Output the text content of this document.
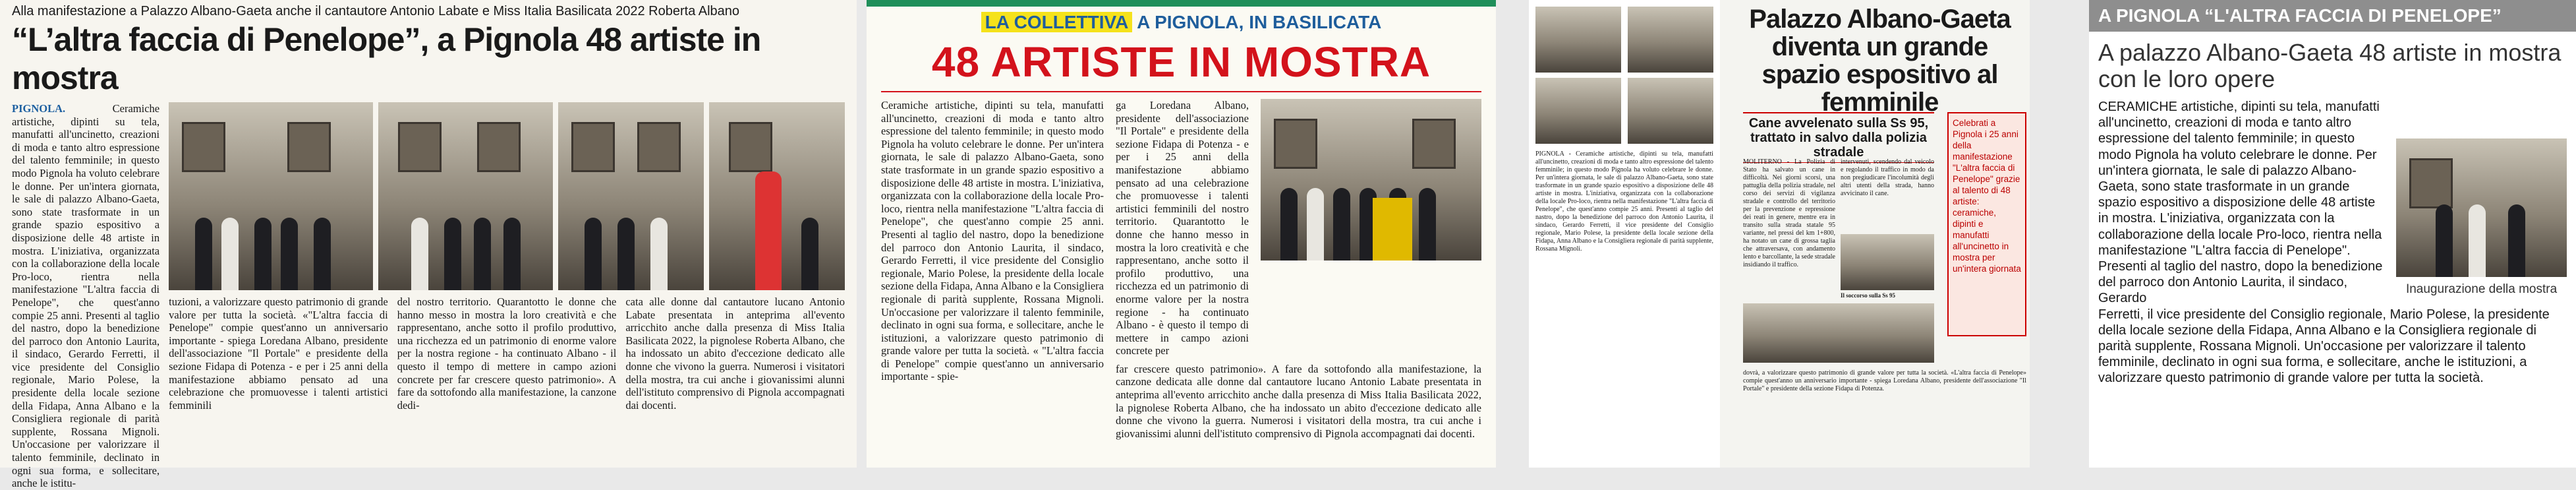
Alla manifestazione a Palazzo Albano-Gaeta anche il cantautore Antonio Labate e Miss Italia Basilicata 2022 Roberta Albano
“L’altra faccia di Penelope”, a Pignola 48 artiste in mostra
PIGNOLA.	Ceramiche artistiche, dipinti su tela, manufatti all'uncinetto, creazioni di moda e tanto altro espressione del talento femminile; in questo modo Pignola ha voluto celebrare le donne. Per un'intera giornata, le sale di palazzo Albano-Gaeta, sono state trasformate in un grande spazio espositivo a disposizione delle 48 artiste in mostra. L'iniziativa, organizzata con la collaborazione della locale Pro-loco, rientra nella manifestazione "L'altra faccia di Penelope", che quest'anno compie 25 anni. Presenti al taglio del nastro, dopo la benedizione del parroco don Antonio Laurita, il sindaco, Gerardo Ferretti, il vice presidente del Consiglio regionale, Mario Polese, la presidente della locale sezione della Fidapa, Anna Albano e la Consigliera regionale di parità supplente, Rossana Mignoli. Un'occasione per valorizzare il talento femminile, declinato in ogni sua forma, e sollecitare, anche le istitu-

tuzioni, a valorizzare questo patrimonio di grande valore per tutta la società. «"L'altra faccia di Penelope" compie quest'anno un anniversario importante - spiega Loredana Albano, presidente dell'associazione "Il Portale" e presidente della sezione Fidapa di Potenza - e per i 25 anni della manifestazione abbiamo pensato ad una celebrazione che promuovesse i talenti artistici femminili

del nostro territorio. Quarantotto le donne che hanno messo in mostra la loro creatività e che rappresentano, anche sotto il profilo produttivo, una ricchezza ed un patrimonio di enorme valore per la nostra regione - ha continuato Albano - il questo il tempo di mettere in campo azioni concrete per far crescere questo patrimonio». A fare da sottofondo alla manifestazione, la canzone dedi-

cata alle donne dal cantautore lucano Antonio Labate presentata in anteprima all'evento arricchito anche dalla presenza di Miss Italia Basilicata 2022, la pignolese Roberta Albano, che ha indossato un abito d'eccezione dedicato alle donne che vivono la guerra. Numerosi i visitatori della mostra, tra cui anche i giovanissimi alunni dell'istituto comprensivo di Pignola accompagnati dai docenti.

LA COLLETTIVA A PIGNOLA, IN BASILICATA
48 ARTISTE IN MOSTRA

Ceramiche artistiche, dipinti su tela, manufatti all'uncinetto, creazioni di moda e tanto altro espressione del talento femminile; in questo modo Pignola ha voluto celebrare le donne. Per un'intera giornata, le sale di palazzo Albano-Gaeta, sono state trasformate in un grande spazio espositivo a disposizione delle 48 artiste in mostra. L'iniziativa, organizzata con la collaborazione della locale Pro-loco, rientra nella manifestazione "L'altra faccia di Penelope", che quest'anno compie 25 anni. Presenti al taglio del nastro, dopo la benedizione del parroco don Antonio Laurita, il sindaco, Gerardo Ferretti, il vice presidente del Consiglio regionale, Mario Polese, la presidente della locale sezione della Fidapa, Anna Albano e la Consigliera regionale di parità supplente, Rossana Mignoli. Un'occasione per valorizzare il talento femminile, declinato in ogni sua forma, e sollecitare, anche le istituzioni, a valorizzare questo patrimonio di grande valore per tutta la società. « "L'altra faccia di Penelope" compie quest'anno un anniversario importante - spie-

ga Loredana Albano, presidente dell'associazione "Il Portale" e presidente della sezione Fidapa di Potenza - e per i 25 anni della manifestazione abbiamo pensato ad una celebrazione che promuovesse i talenti artistici femminili del nostro territorio. Quarantotto le donne che hanno messo in mostra la loro creatività e che rappresentano, anche sotto il profilo produttivo, una ricchezza ed un patrimonio di enorme valore per la nostra regione - ha continuato Albano - è questo il tempo di mettere in campo azioni concrete per

far crescere questo patrimonio». A fare da sottofondo alla manifestazione, la canzone dedicata alle donne dal cantautore lucano Antonio Labate presentata in anteprima all'evento arricchito anche dalla presenza di Miss Italia Basilicata 2022, la pignolese Roberta Albano, che ha indossato un abito d'eccezione dedicato alle donne che vivono la guerra. Numerosi i visitatori della mostra, tra cui anche i giovanissimi alunni dell'istituto comprensivo di Pignola accompagnati dai docenti.

PIGNOLA - Ceramiche artistiche, dipinti su tela, manufatti all'uncinetto, creazioni di moda e tanto altro espressione del talento femminile; in questo modo Pignola ha voluto celebrare le donne. Per un'intera giornata, le sale di palazzo Albano-Gaeta, sono state trasformate in un grande spazio espositivo a disposizione delle 48 artiste in mostra. L'iniziativa, organizzata con la collaborazione della locale Pro-loco, rientra nella manifestazione "L'altra faccia di Penelope", che quest'anno compie 25 anni. Presenti al taglio del nastro, dopo la benedizione del parroco don Antonio Laurita, il sindaco, Gerardo Ferretti, il vice presidente del Consiglio regionale, Mario Polese, la presidente della locale sezione della Fidapa, Anna Albano e la Consigliera regionale di parità supplente, Rossana Mignoli.

Palazzo Albano-Gaeta diventa un grande spazio espositivo al femminile
Cane avvelenato sulla Ss 95, trattato in salvo dalla polizia stradale
Celebrati a Pignola i 25 anni della manifestazione "L'altra faccia di Penelope" grazie al talento di 48 artiste: ceramiche, dipinti e manufatti all'uncinetto in mostra per un'intera giornata

MOLITERNO - La Polizia di Stato ha salvato un cane in difficoltà. Nei giorni scorsi, una pattuglia della polizia stradale, nel corso dei servizi di vigilanza stradale e controllo del territorio per la prevenzione e repressione dei reati in genere, mentre era in transito sulla strada statale 95 variante, nel pressi del km 1+800, ha notato un cane di grossa taglia che attraversava, con andamento lento e barcollante, la sede stradale insidiando il traffico.

intervenuti, scendendo dal veicolo e regolando il traffico in modo da non pregiudicare l'incolumità degli altri utenti della strada, hanno avvicinato il cane.

Il soccorso sulla Ss 95

dovrà, a valorizzare questo patrimonio di grande valore per tutta la società. «L'altra faccia di Penelope» compie quest'anno un anniversario importante - spiega Loredana Albano, presidente dell'associazione "Il Portale" e presidente della sezione Fidapa di Potenza.

A PIGNOLA “L'ALTRA FACCIA DI PENELOPE”
A palazzo Albano-Gaeta 48 artiste in mostra con le loro opere
CERAMICHE artistiche, dipinti su tela, manufatti all'uncinetto, creazioni di moda e tanto altro espressione del talento femminile; in questo modo Pignola ha voluto celebrare le donne. Per un'intera giornata, le sale di palazzo Albano-Gaeta, sono state trasformate in un grande spazio espositivo a disposizione delle 48 artiste in mostra. L'iniziativa, organizzata con la collaborazione della locale Pro-loco, rientra nella manifestazione "L'altra faccia di Penelope". Presenti al taglio del nastro, dopo la benedizione del parroco don Antonio Laurita, il sindaco, Gerardo
Inaugurazione della mostra
Ferretti, il vice presidente del Consiglio regionale, Mario Polese, la presidente della locale sezione della Fidapa, Anna Albano e la Consigliera regionale di parità supplente, Rossana Mignoli. Un'occasione per valorizzare il talento femminile, declinato in ogni sua forma, e sollecitare, anche le istituzioni, a valorizzare questo patrimonio di grande valore per tutta la società.
